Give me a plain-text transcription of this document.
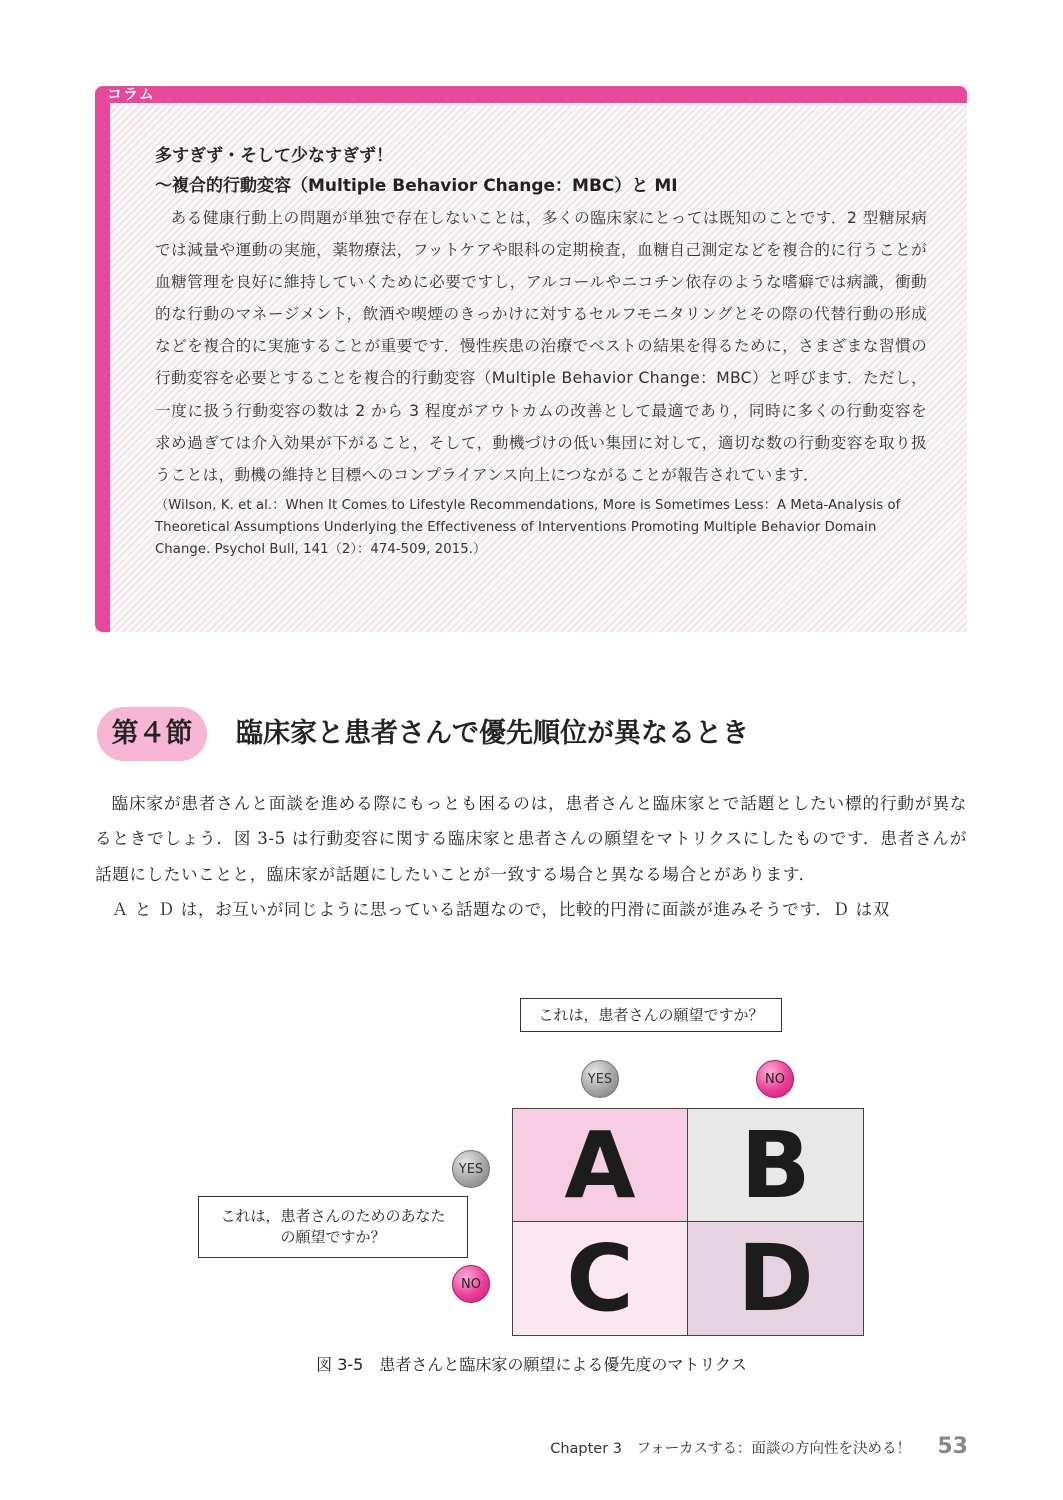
コラム
多すぎず・そして少なすぎず！
〜複合的行動変容（Multiple Behavior Change：MBC）と MI
ある健康行動上の問題が単独で存在しないことは，多くの臨床家にとっては既知のことです．2 型糖尿病では減量や運動の実施，薬物療法，フットケアや眼科の定期検査，血糖自己測定などを複合的に行うことが血糖管理を良好に維持していくために必要ですし，アルコールやニコチン依存のような嗜癖では病識，衝動的な行動のマネージメント，飲酒や喫煙のきっかけに対するセルフモニタリングとその際の代替行動の形成などを複合的に実施することが重要です．慢性疾患の治療でベストの結果を得るために，さまざまな習慣の行動変容を必要とすることを複合的行動変容（Multiple Behavior Change：MBC）と呼びます．ただし，一度に扱う行動変容の数は 2 から 3 程度がアウトカムの改善として最適であり，同時に多くの行動変容を求め過ぎては介入効果が下がること，そして，動機づけの低い集団に対して，適切な数の行動変容を取り扱うことは，動機の維持と目標へのコンプライアンス向上につながることが報告されています．
（Wilson, K. et al.：When It Comes to Lifestyle Recommendations, More is Sometimes Less：A Meta-Analysis of Theoretical Assumptions Underlying the Effectiveness of Interventions Promoting Multiple Behavior Domain Change. Psychol Bull, 141（2）：474-509, 2015.）
第４節	臨床家と患者さんで優先順位が異なるとき

臨床家が患者さんと面談を進める際にもっとも困るのは，患者さんと臨床家とで話題としたい標的行動が異なるときでしょう．図 3-5 は行動変容に関する臨床家と患者さんの願望をマトリクスにしたものです．患者さんが話題にしたいことと，臨床家が話題にしたいことが一致する場合と異なる場合とがあります．

Ａ と Ｄ は，お互いが同じように思っている話題なので，比較的円滑に面談が進みそうです．Ｄ は双

これは，患者さんの願望ですか？
YES	NO
YES
NO
これは，患者さんのためのあなた
の願望ですか？
A	B
C	D
図 3-5　患者さんと臨床家の願望による優先度のマトリクス
Chapter 3　フォーカスする：面談の方向性を決める！ 53
